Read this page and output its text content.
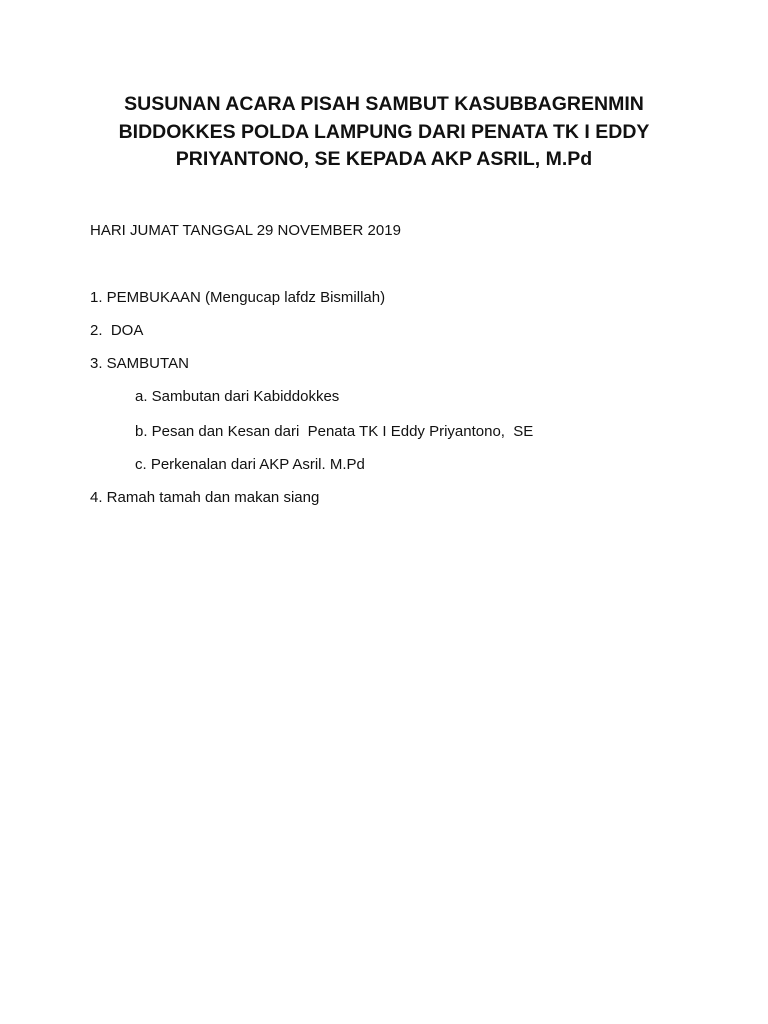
SUSUNAN ACARA PISAH SAMBUT KASUBBAGRENMIN
BIDDOKKES POLDA LAMPUNG DARI PENATA TK I EDDY
PRIYANTONO, SE KEPADA AKP ASRIL, M.Pd

HARI JUMAT TANGGAL 29 NOVEMBER 2019

1. PEMBUKAAN (Mengucap lafdz Bismillah)

2.  DOA

3. SAMBUTAN

a. Sambutan dari Kabiddokkes

b. Pesan dan Kesan dari  Penata TK I Eddy Priyantono,  SE

c. Perkenalan dari AKP Asril. M.Pd

4. Ramah tamah dan makan siang
